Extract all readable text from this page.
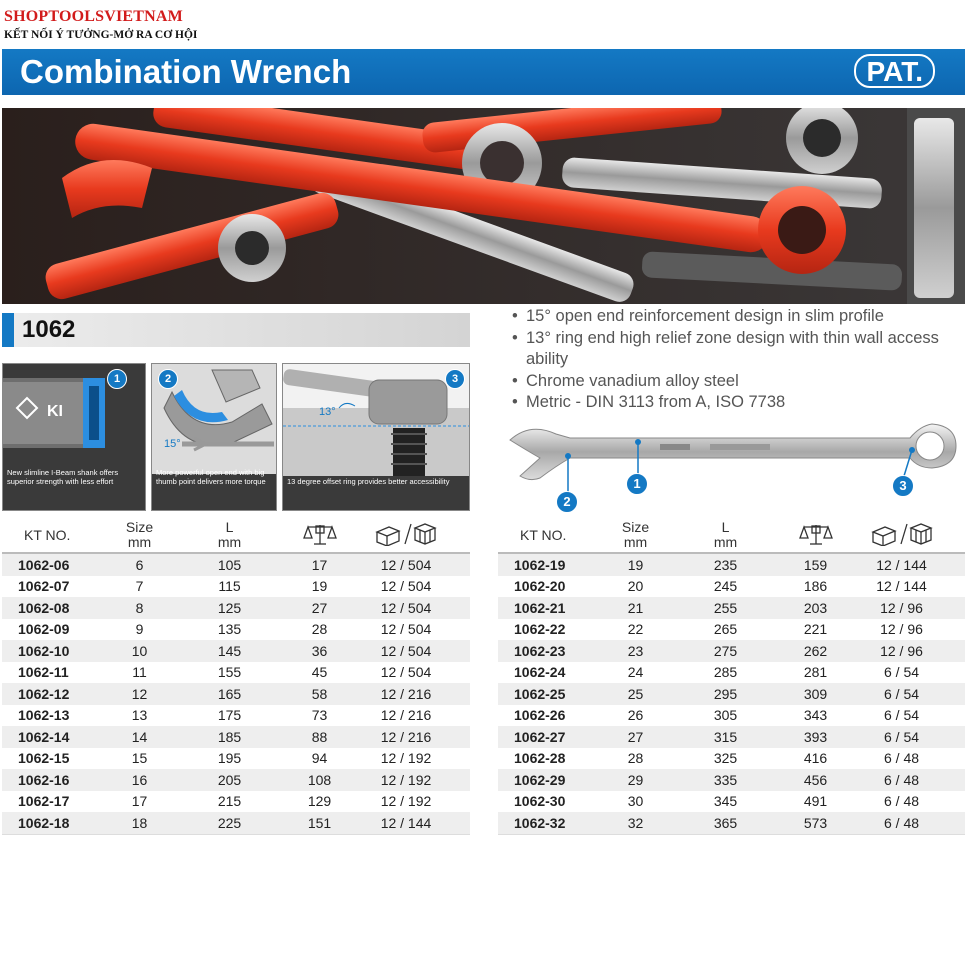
SHOPTOOLSVIETNAM
KẾT NỐI Ý TƯỞNG-MỞ RA CƠ HỘI
Combination Wrench	PAT.
1062	• 15° open end reinforcement design in slim profile
• 13° ring end high relief zone design with thin wall access ability
• Chrome vanadium alloy steel
• Metric - DIN 3113 from A, ISO 7738
KI
1
New slimline I-Beam shank offers superior strength with less effort
15°
2
More powerful open end with big thumb point delivers more torque
13°
3
13 degree offset ring provides better accessibility
2
1	3
KT NO.	Size
mm	L
mm		
1062-06	6	105	17	12 / 504
1062-07	7	115	19	12 / 504
1062-08	8	125	27	12 / 504
1062-09	9	135	28	12 / 504
1062-10	10	145	36	12 / 504
1062-11	11	155	45	12 / 504
1062-12	12	165	58	12 / 216
1062-13	13	175	73	12 / 216
1062-14	14	185	88	12 / 216
1062-15	15	195	94	12 / 192
1062-16	16	205	108	12 / 192
1062-17	17	215	129	12 / 192
1062-18	18	225	151	12 / 144
KT NO.	Size
mm	L
mm		
1062-19	19	235	159	12 / 144
1062-20	20	245	186	12 / 144
1062-21	21	255	203	12 / 96
1062-22	22	265	221	12 / 96
1062-23	23	275	262	12 / 96
1062-24	24	285	281	6 / 54
1062-25	25	295	309	6 / 54
1062-26	26	305	343	6 / 54
1062-27	27	315	393	6 / 54
1062-28	28	325	416	6 / 48
1062-29	29	335	456	6 / 48
1062-30	30	345	491	6 / 48
1062-32	32	365	573	6 / 48
